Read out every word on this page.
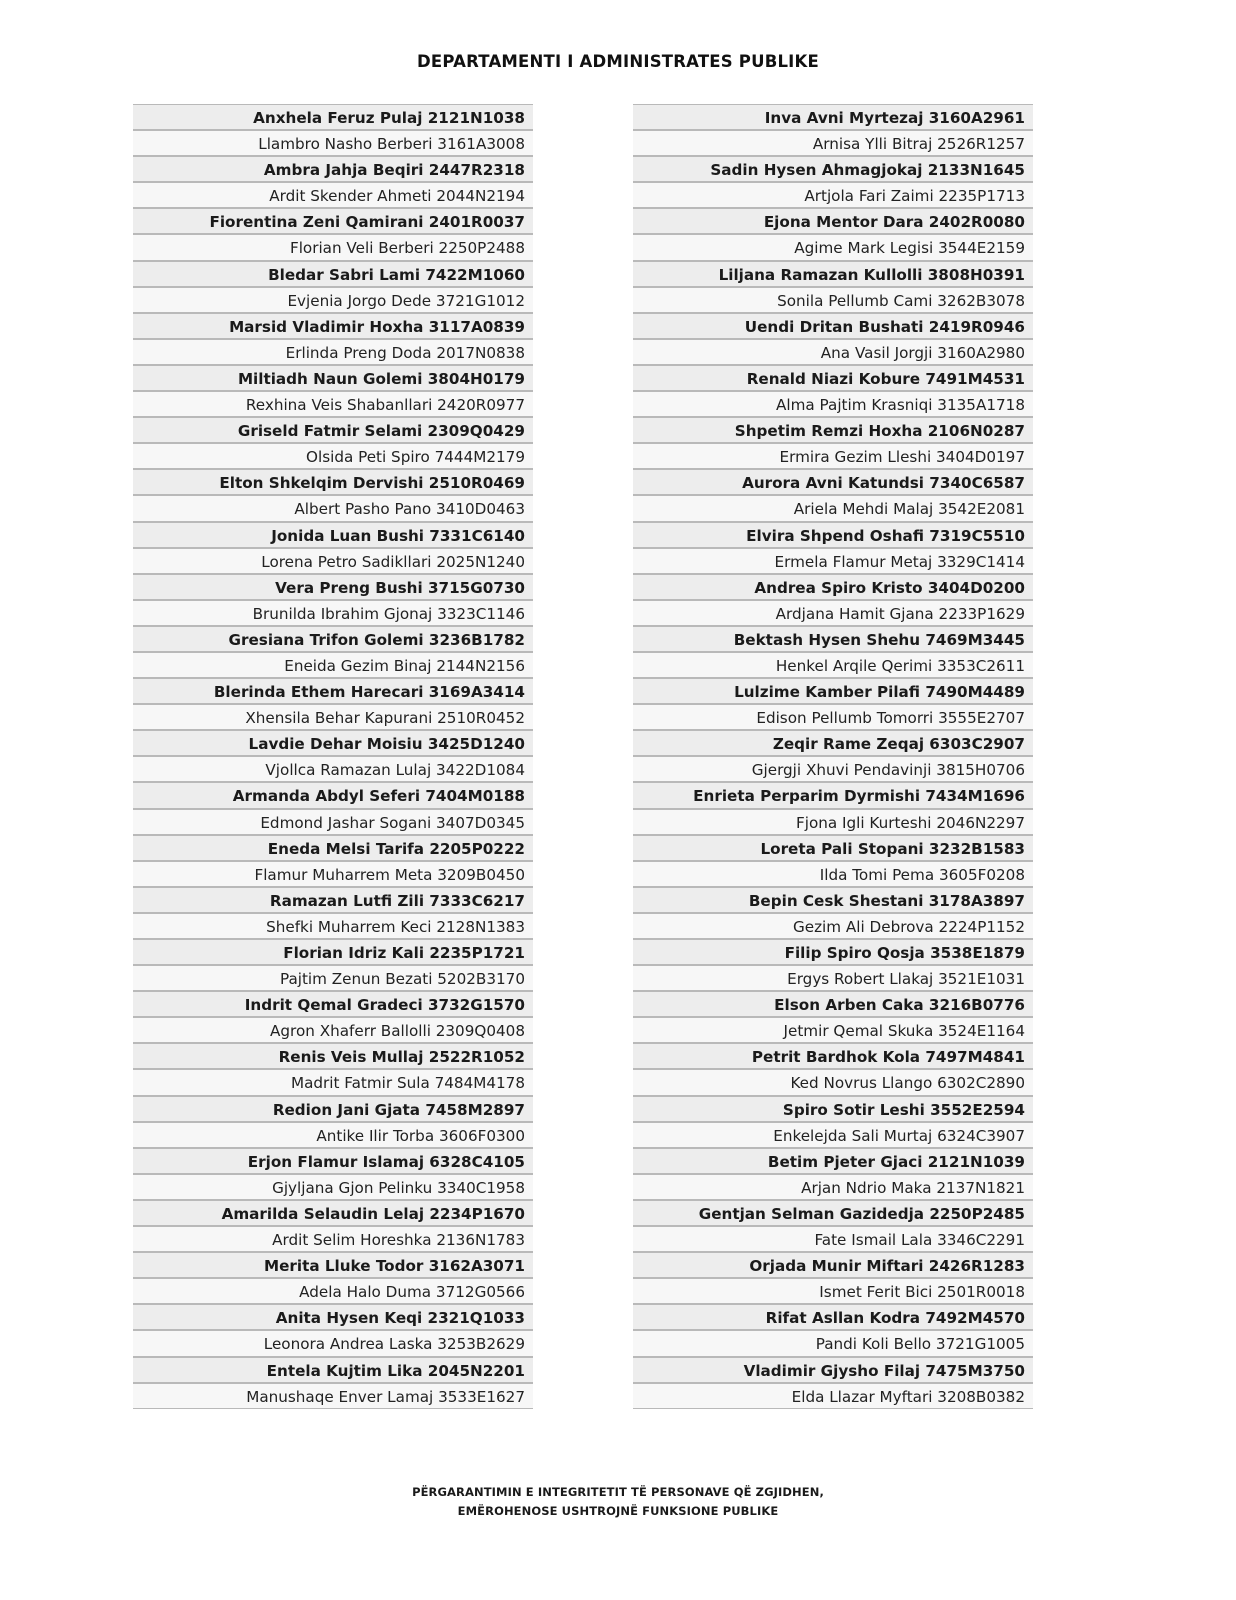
DEPARTAMENTI I ADMINISTRATES PUBLIKE
Anxhela Feruz Pulaj 2121N1038
Llambro Nasho Berberi 3161A3008
Ambra Jahja Beqiri 2447R2318
Ardit Skender Ahmeti 2044N2194
Fiorentina Zeni Qamirani 2401R0037
Florian Veli Berberi 2250P2488
Bledar Sabri Lami 7422M1060
Evjenia Jorgo Dede 3721G1012
Marsid Vladimir Hoxha 3117A0839
Erlinda Preng Doda 2017N0838
Miltiadh Naun Golemi 3804H0179
Rexhina Veis Shabanllari 2420R0977
Griseld Fatmir Selami 2309Q0429
Olsida Peti Spiro 7444M2179
Elton Shkelqim Dervishi 2510R0469
Albert Pasho Pano 3410D0463
Jonida Luan Bushi 7331C6140
Lorena Petro Sadikllari 2025N1240
Vera Preng Bushi 3715G0730
Brunilda Ibrahim Gjonaj 3323C1146
Gresiana Trifon Golemi 3236B1782
Eneida Gezim Binaj 2144N2156
Blerinda Ethem Harecari 3169A3414
Xhensila Behar Kapurani 2510R0452
Lavdie Dehar Moisiu 3425D1240
Vjollca Ramazan Lulaj 3422D1084
Armanda Abdyl Seferi 7404M0188
Edmond Jashar Sogani 3407D0345
Eneda Melsi Tarifa 2205P0222
Flamur Muharrem Meta 3209B0450
Ramazan Lutfi Zili 7333C6217
Shefki Muharrem Keci 2128N1383
Florian Idriz Kali 2235P1721
Pajtim Zenun Bezati 5202B3170
Indrit Qemal Gradeci 3732G1570
Agron Xhaferr Ballolli 2309Q0408
Renis Veis Mullaj 2522R1052
Madrit Fatmir Sula 7484M4178
Redion Jani Gjata 7458M2897
Antike Ilir Torba 3606F0300
Erjon Flamur Islamaj 6328C4105
Gjyljana Gjon Pelinku 3340C1958
Amarilda Selaudin Lelaj 2234P1670
Ardit Selim Horeshka 2136N1783
Merita Lluke Todor 3162A3071
Adela Halo Duma 3712G0566
Anita Hysen Keqi 2321Q1033
Leonora Andrea Laska 3253B2629
Entela Kujtim Lika 2045N2201
Manushaqe Enver Lamaj 3533E1627
Inva Avni Myrtezaj 3160A2961
Arnisa Ylli Bitraj 2526R1257
Sadin Hysen Ahmagjokaj 2133N1645
Artjola Fari Zaimi 2235P1713
Ejona Mentor Dara 2402R0080
Agime Mark Legisi 3544E2159
Liljana Ramazan Kullolli 3808H0391
Sonila Pellumb Cami 3262B3078
Uendi Dritan Bushati 2419R0946
Ana Vasil Jorgji 3160A2980
Renald Niazi Kobure 7491M4531
Alma Pajtim Krasniqi 3135A1718
Shpetim Remzi Hoxha 2106N0287
Ermira Gezim Lleshi 3404D0197
Aurora Avni Katundsi 7340C6587
Ariela Mehdi Malaj 3542E2081
Elvira Shpend Oshafi 7319C5510
Ermela Flamur Metaj 3329C1414
Andrea Spiro Kristo 3404D0200
Ardjana Hamit Gjana 2233P1629
Bektash Hysen Shehu 7469M3445
Henkel Arqile Qerimi 3353C2611
Lulzime Kamber Pilafi 7490M4489
Edison Pellumb Tomorri 3555E2707
Zeqir Rame Zeqaj 6303C2907
Gjergji Xhuvi Pendavinji 3815H0706
Enrieta Perparim Dyrmishi 7434M1696
Fjona Igli Kurteshi 2046N2297
Loreta Pali Stopani 3232B1583
Ilda Tomi Pema 3605F0208
Bepin Cesk Shestani 3178A3897
Gezim Ali Debrova 2224P1152
Filip Spiro Qosja 3538E1879
Ergys Robert Llakaj 3521E1031
Elson Arben Caka 3216B0776
Jetmir Qemal Skuka 3524E1164
Petrit Bardhok Kola 7497M4841
Ked Novrus Llango 6302C2890
Spiro Sotir Leshi 3552E2594
Enkelejda Sali Murtaj 6324C3907
Betim Pjeter Gjaci 2121N1039
Arjan Ndrio Maka 2137N1821
Gentjan Selman Gazidedja 2250P2485
Fate Ismail Lala 3346C2291
Orjada Munir Miftari 2426R1283
Ismet Ferit Bici 2501R0018
Rifat Asllan Kodra 7492M4570
Pandi Koli Bello 3721G1005
Vladimir Gjysho Filaj 7475M3750
Elda Llazar Myftari 3208B0382
PËRGARANTIMIN E INTEGRITETIT TË PERSONAVE QË ZGJIDHEN,
EMËROHENOSE USHTROJNË FUNKSIONE PUBLIKE
